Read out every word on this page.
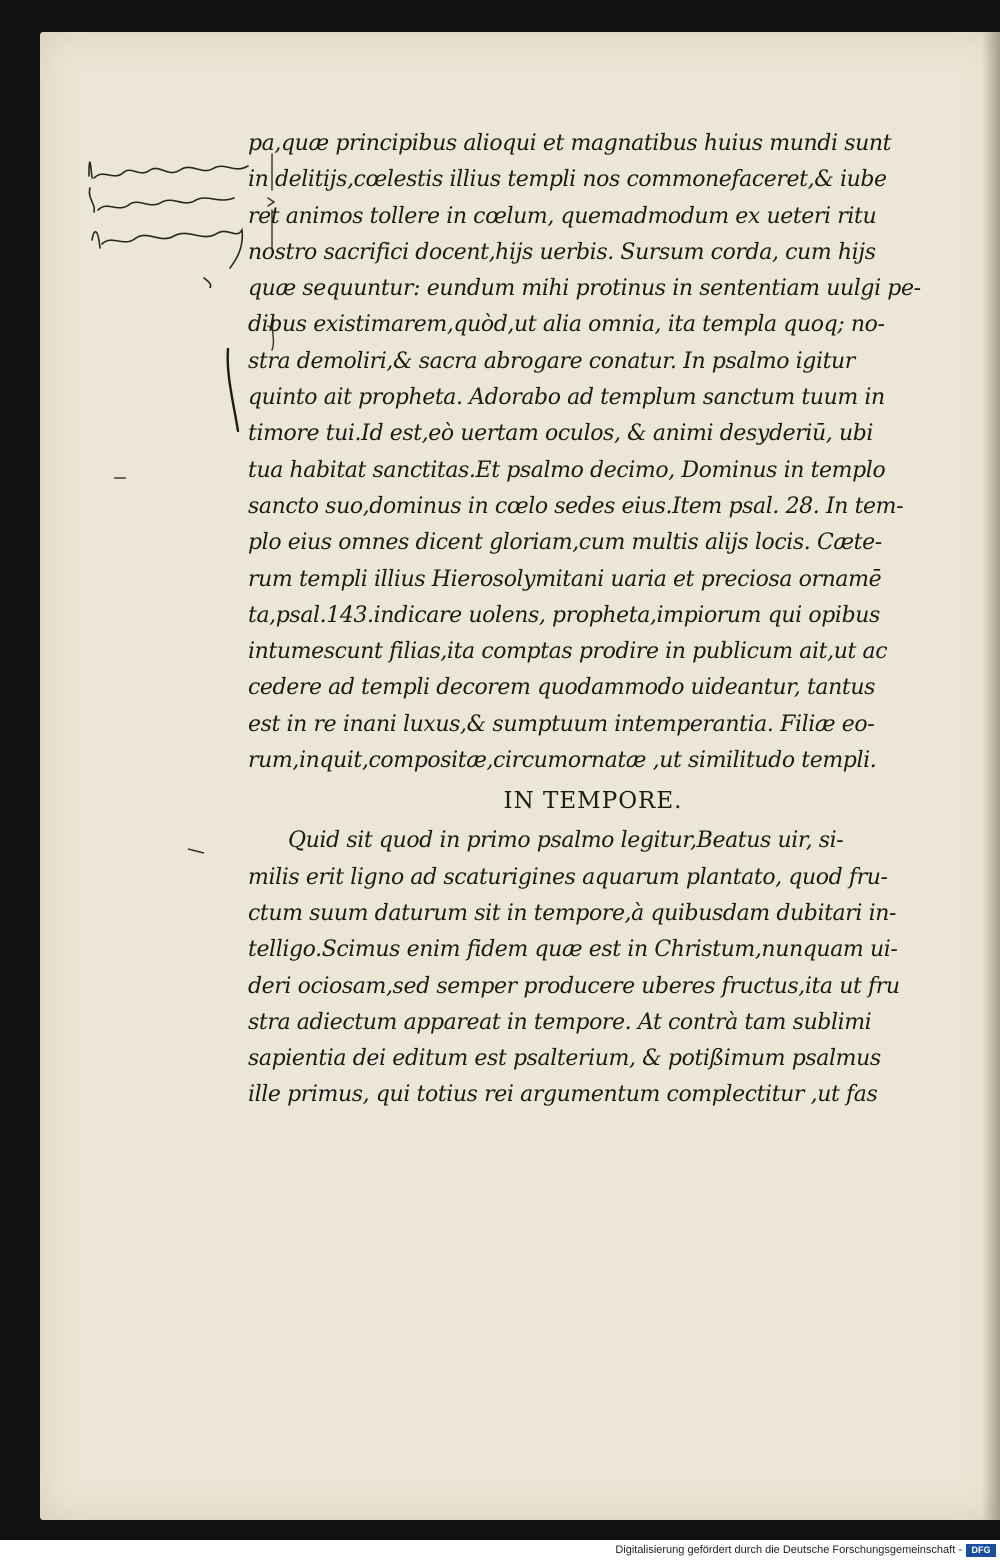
pa,quæ principibus alioqui et magnatibus huius mundi sunt
in delitijs,cœlestis illius templi nos commonefaceret,& iube
ret animos tollere in cœlum, quemadmodum ex ueteri ritu
nostro sacrifici docent,hijs uerbis. Sursum corda, cum hijs
quæ sequuntur: eundum mihi protinus in sententiam uulgi pe-
dibus existimarem,quòd,ut alia omnia, ita templa quoq; no-
stra demoliri,& sacra abrogare conatur. In psalmo igitur
quinto ait propheta. Adorabo ad templum sanctum tuum in
timore tui.Id est,eò uertam oculos, & animi desyderiū, ubi
tua habitat sanctitas.Et psalmo decimo, Dominus in templo
sancto suo,dominus in cœlo sedes eius.Item psal. 28. In tem-
plo eius omnes dicent gloriam,cum multis alijs locis. Cæte-
rum templi illius Hierosolymitani uaria et preciosa ornamē
ta,psal.143.indicare uolens, propheta,impiorum qui opibus
intumescunt filias,ita comptas prodire in publicum ait,ut ac
cedere ad templi decorem quodammodo uideantur, tantus
est in re inani luxus,& sumptuum intemperantia. Filiæ eo-
rum,inquit,compositæ,circumornatæ ,ut similitudo templi.
IN TEMPORE.
Quid sit quod in primo psalmo legitur,Beatus uir, si-
milis erit ligno ad scaturigines aquarum plantato, quod fru-
ctum suum daturum sit in tempore,à quibusdam dubitari in-
telligo.Scimus enim fidem quæ est in Christum,nunquam ui-
deri ociosam,sed semper producere uberes fructus,ita ut fru
stra adiectum appareat in tempore. At contrà tam sublimi
sapientia dei editum est psalterium, & potißimum psalmus
ille primus, qui totius rei argumentum complectitur ,ut fas
Digitalisierung gefördert durch die Deutsche Forschungsgemeinschaft -	DFG
